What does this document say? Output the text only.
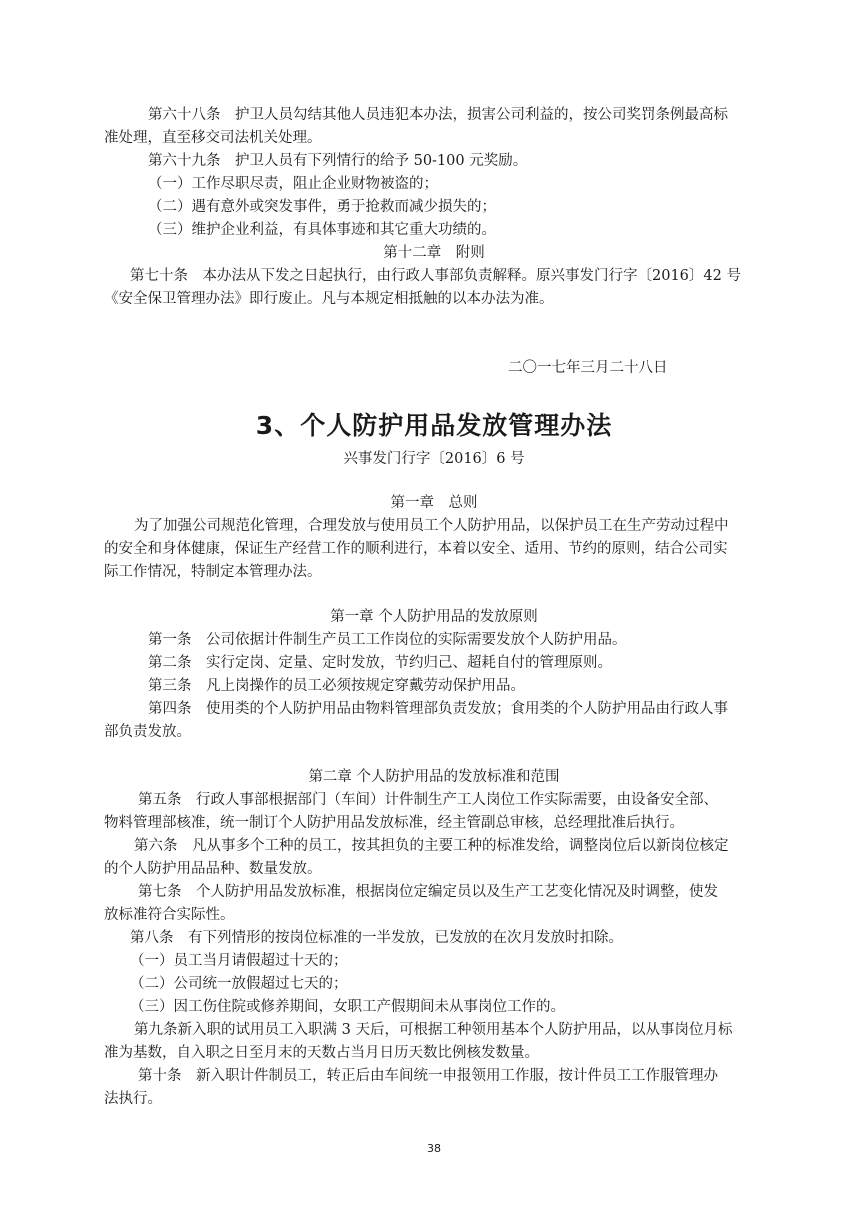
第六十八条　护卫人员勾结其他人员违犯本办法，损害公司利益的，按公司奖罚条例最高标
准处理，直至移交司法机关处理。
第六十九条　护卫人员有下列情行的给予 50-100 元奖励。
（一）工作尽职尽责，阻止企业财物被盗的；
（二）遇有意外或突发事件，勇于抢救而减少损失的；
（三）维护企业利益，有具体事迹和其它重大功绩的。
第十二章　附则
第七十条　本办法从下发之日起执行，由行政人事部负责解释。原兴事发门行字〔2016〕42 号
《安全保卫管理办法》即行废止。凡与本规定相抵触的以本办法为准。
二〇一七年三月二十八日
3、个人防护用品发放管理办法
兴事发门行字〔2016〕6 号
第一章　总则
为了加强公司规范化管理，合理发放与使用员工个人防护用品，以保护员工在生产劳动过程中
的安全和身体健康，保证生产经营工作的顺利进行，本着以安全、适用、节约的原则，结合公司实
际工作情况，特制定本管理办法。
第一章 个人防护用品的发放原则
第一条　公司依据计件制生产员工工作岗位的实际需要发放个人防护用品。
第二条　实行定岗、定量、定时发放，节约归己、超耗自付的管理原则。
第三条　凡上岗操作的员工必须按规定穿戴劳动保护用品。
第四条　使用类的个人防护用品由物料管理部负责发放；食用类的个人防护用品由行政人事
部负责发放。
第二章 个人防护用品的发放标准和范围
第五条　行政人事部根据部门（车间）计件制生产工人岗位工作实际需要，由设备安全部、
物料管理部核准，统一制订个人防护用品发放标准，经主管副总审核，总经理批准后执行。
第六条　凡从事多个工种的员工，按其担负的主要工种的标准发给，调整岗位后以新岗位核定
的个人防护用品品种、数量发放。
第七条　个人防护用品发放标准，根据岗位定编定员以及生产工艺变化情况及时调整，使发
放标准符合实际性。
第八条　有下列情形的按岗位标准的一半发放，已发放的在次月发放时扣除。
（一）员工当月请假超过十天的；
（二）公司统一放假超过七天的；
（三）因工伤住院或修养期间，女职工产假期间未从事岗位工作的。
第九条新入职的试用员工入职满 3 天后，可根据工种领用基本个人防护用品，以从事岗位月标
准为基数，自入职之日至月末的天数占当月日历天数比例核发数量。
第十条　新入职计件制员工，转正后由车间统一申报领用工作服，按计件员工工作服管理办
法执行。
38
